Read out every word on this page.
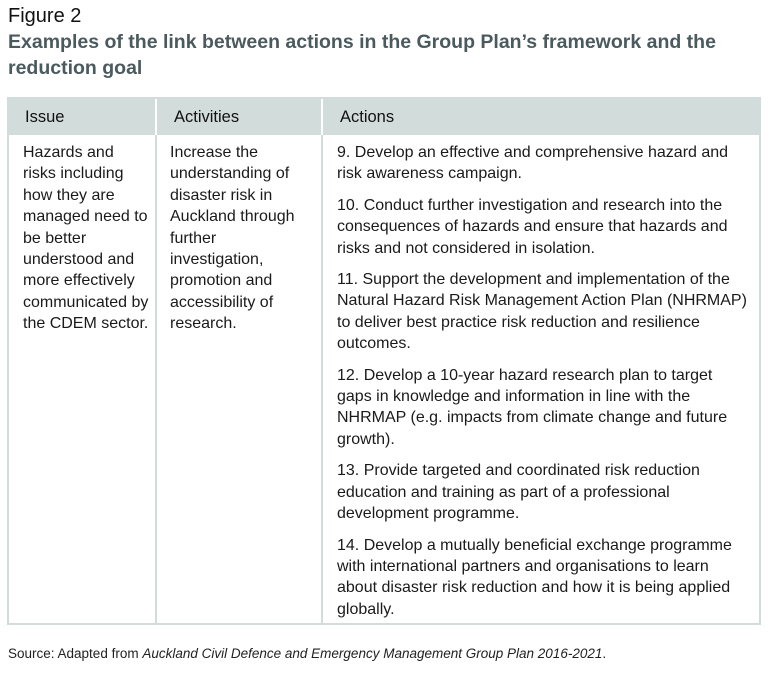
Figure 2
Examples of the link between actions in the Group Plan’s framework and the reduction goal
Issue	Activities	Actions
Hazards and risks including how they are managed need to be better understood and more effectively communicated by the CDEM sector.
Increase the understanding of disaster risk in Auckland through further investigation, promotion and accessibility of research.

9. Develop an effective and comprehensive hazard and risk awareness campaign.

10. Conduct further investigation and research into the consequences of hazards and ensure that hazards and risks and not considered in isolation.

11. Support the development and implementation of the Natural Hazard Risk Management Action Plan (NHRMAP) to deliver best practice risk reduction and resilience outcomes.

12. Develop a 10-year hazard research plan to target gaps in knowledge and information in line with the NHRMAP (e.g. impacts from climate change and future growth).

13. Provide targeted and coordinated risk reduction education and training as part of a professional development programme.

14. Develop a mutually beneficial exchange programme with international partners and organisations to learn about disaster risk reduction and how it is being applied globally.

Source: Adapted from Auckland Civil Defence and Emergency Management Group Plan 2016-2021.
